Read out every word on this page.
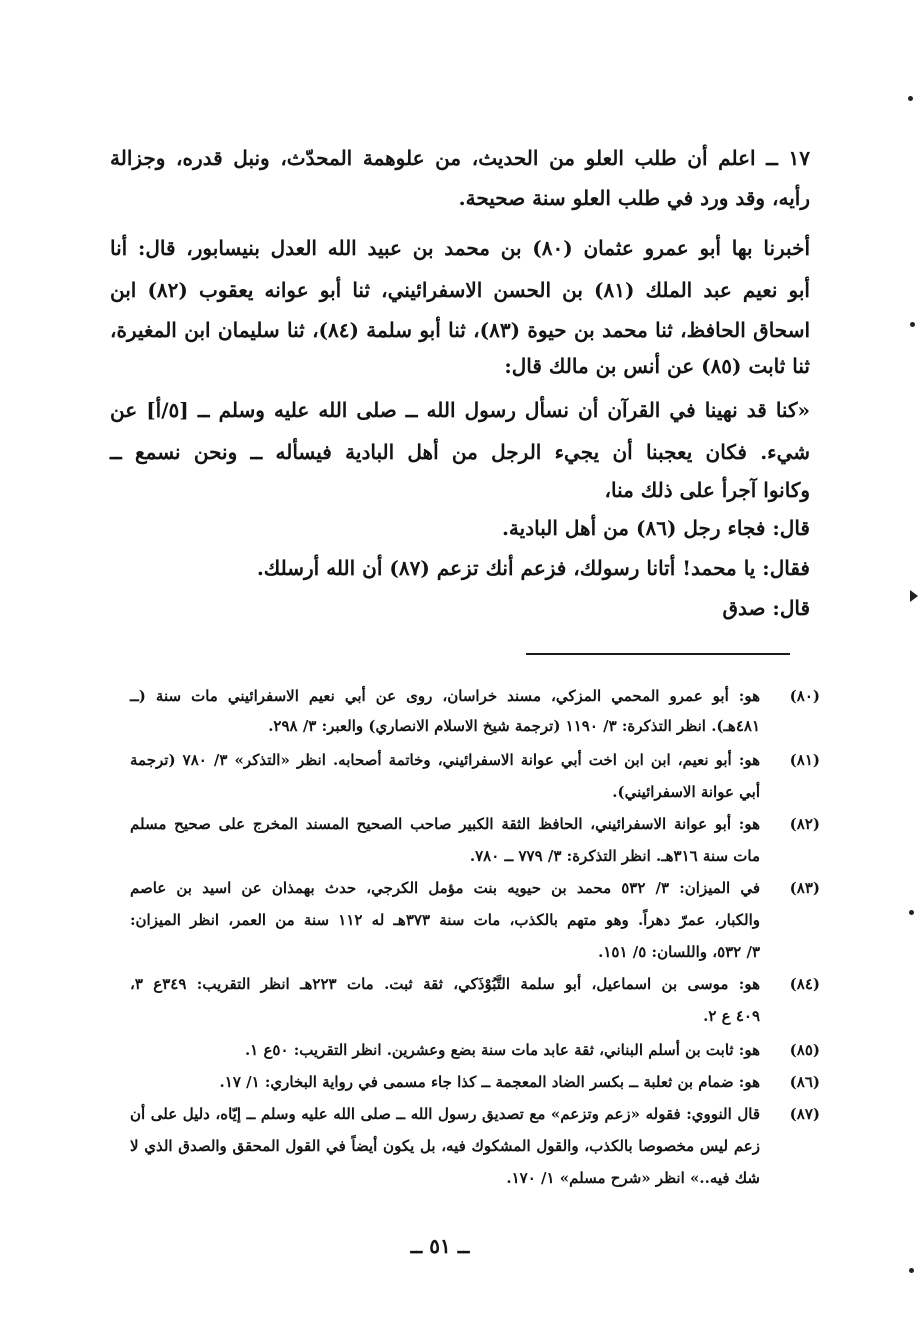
١٧ ــ اعلم أن طلب العلو من الحديث، من علوهمة المحدّث، ونبل قدره، وجزالة
رأيه، وقد ورد في طلب العلو سنة صحيحة.
أخبرنا بها أبو عمرو عثمان (٨٠) بن محمد بن عبيد الله العدل بنيسابور، قال: أنا
أبو نعيم عبد الملك (٨١) بن الحسن الاسفرائيني، ثنا أبو عوانه يعقوب (٨٢) ابن
اسحاق الحافظ، ثنا محمد بن حيوة (٨٣)، ثنا أبو سلمة (٨٤)، ثنا سليمان ابن المغيرة،
ثنا ثابت (٨٥) عن أنس بن مالك قال:
«كنا قد نهينا في القرآن أن نسأل رسول الله ــ صلى الله عليه وسلم ــ [٥/أ] عن
شيء. فكان يعجبنا أن يجيء الرجل من أهل البادية فيسأله ــ ونحن نسمع ــ
وكانوا آجرأ على ذلك منا،
قال: فجاء رجل (٨٦) من أهل البادية.
فقال: يا محمد! أتانا رسولك، فزعم أنك تزعم (٨٧) أن الله أرسلك.
قال: صدق
(٨٠)
هو: أبو عمرو المحمي المزكي، مسند خراسان، روى عن أبي نعيم الاسفرائيني مات سنة (ــ
٤٨١هـ). انظر التذكرة: ٣/ ١١٩٠ (ترجمة شيخ الاسلام الانصاري) والعبر: ٣/ ٢٩٨.
(٨١)
هو: أبو نعيم، ابن ابن اخت أبي عوانة الاسفرائيني، وخاتمة أصحابه. انظر «التذكر» ٣/ ٧٨٠ (ترجمة
أبي عوانة الاسفرائيني).
(٨٢)
هو: أبو عوانة الاسفرائيني، الحافظ الثقة الكبير صاحب الصحيح المسند المخرج على صحيح مسلم
مات سنة ٣١٦هـ. انظر التذكرة: ٣/ ٧٧٩ ــ ٧٨٠.
(٨٣)
في الميزان: ٣/ ٥٣٢ محمد بن حيويه بنت مؤمل الكرجي، حدث بهمذان عن اسيد بن عاصم
والكبار، عمرّ دهراً. وهو متهم بالكذب، مات سنة ٣٧٣هـ له ١١٢ سنة من العمر، انظر الميزان:
٣/ ٥٣٢، واللسان: ٥/ ١٥١.
(٨٤)
هو: موسى بن اسماعيل، أبو سلمة التَّبُوْذَكي، ثقة ثبت. مات ٢٢٣هـ انظر التقريب: ٣٤٩ع ٣،
٤٠٩ ع ٢.
(٨٥)
هو: ثابت بن أسلم البناني، ثقة عابد مات سنة بضع وعشرين. انظر التقريب: ٥٠ع ١.
(٨٦)
هو: ضمام بن ثعلبة ــ بكسر الضاد المعجمة ــ كذا جاء مسمى في رواية البخاري: ١/ ١٧.
(٨٧)
قال النووي: فقوله «زعم وتزعم» مع تصديق رسول الله ــ صلى الله عليه وسلم ــ إيّاه، دليل على أن
زعم ليس مخصوصا بالكذب، والقول المشكوك فيه، بل يكون أيضاً في القول المحقق والصدق الذي لا
شك فيه..» انظر «شرح مسلم» ١/ ١٧٠.
ــ ٥١ ــ
